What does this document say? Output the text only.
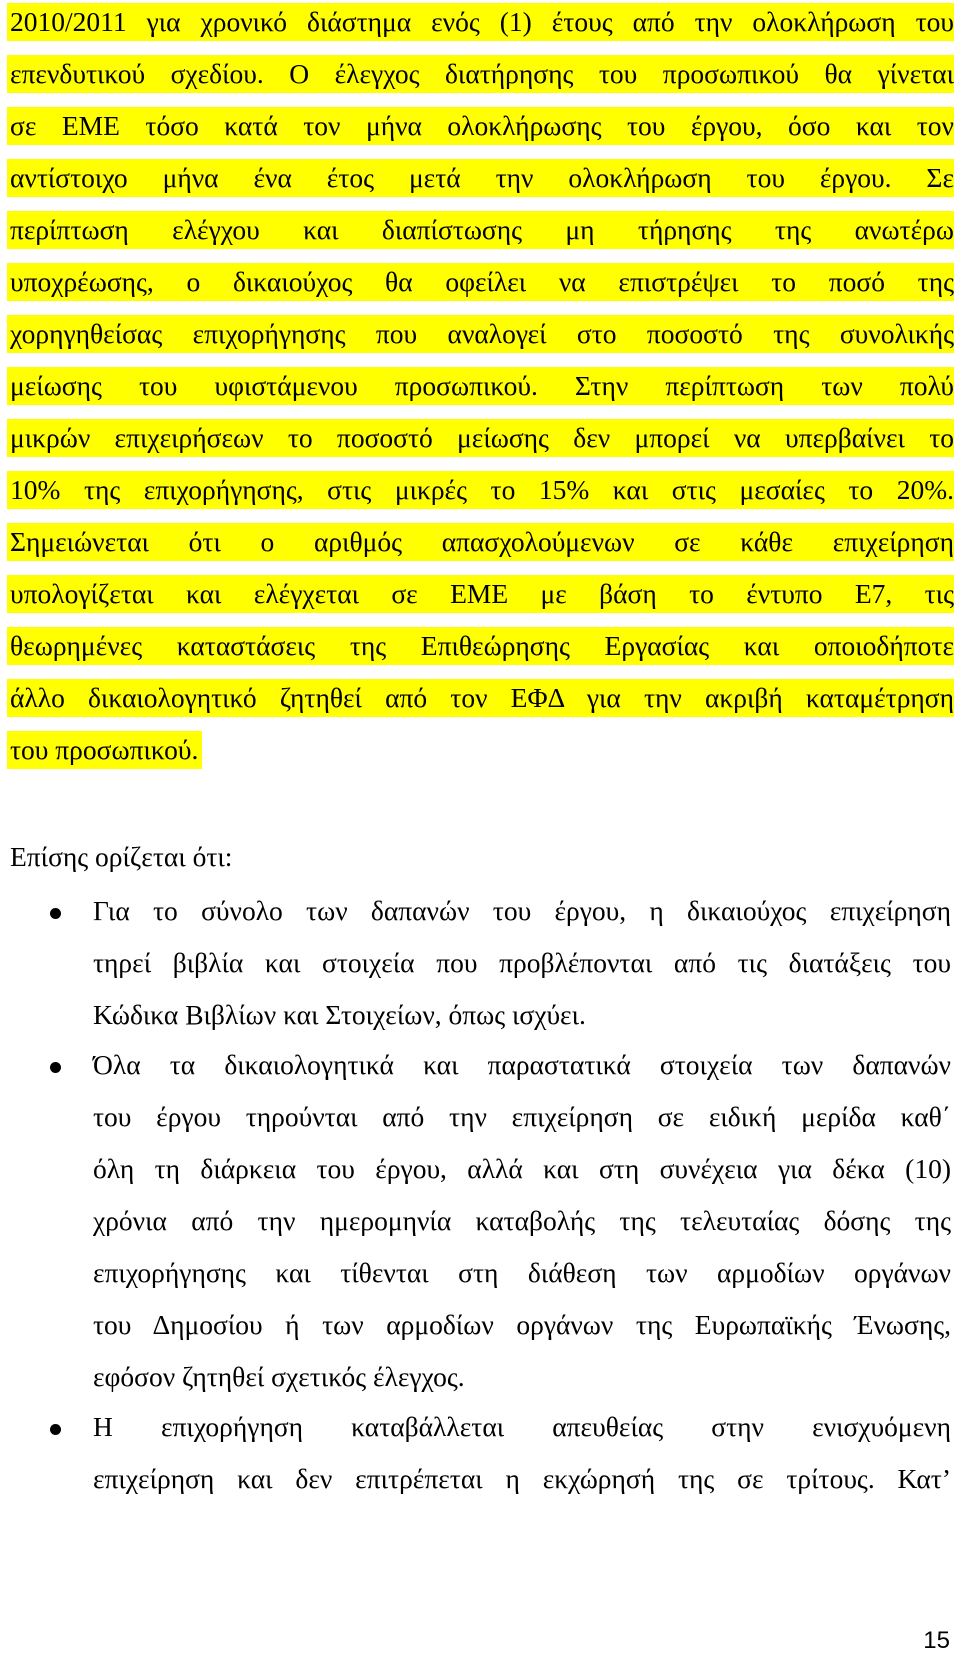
2010/2011 για χρονικό διάστημα ενός (1) έτους από την ολοκλήρωση του
επενδυτικού σχεδίου. Ο έλεγχος διατήρησης του προσωπικού θα γίνεται
σε ΕΜΕ τόσο κατά τον μήνα ολοκλήρωσης του έργου, όσο και τον
αντίστοιχο μήνα ένα έτος μετά την ολοκλήρωση του έργου. Σε
περίπτωση ελέγχου και διαπίστωσης μη τήρησης της ανωτέρω
υποχρέωσης, ο δικαιούχος θα οφείλει να επιστρέψει το ποσό της
χορηγηθείσας επιχορήγησης που αναλογεί στο ποσοστό της συνολικής
μείωσης του υφιστάμενου προσωπικού. Στην περίπτωση των πολύ
μικρών επιχειρήσεων το ποσοστό μείωσης δεν μπορεί να υπερβαίνει το
10% της επιχορήγησης, στις μικρές το 15% και στις μεσαίες το 20%.
Σημειώνεται ότι ο αριθμός απασχολούμενων σε κάθε επιχείρηση
υπολογίζεται και ελέγχεται σε ΕΜΕ με βάση το έντυπο Ε7, τις
θεωρημένες καταστάσεις της Επιθεώρησης Εργασίας και οποιοδήποτε
άλλο δικαιολογητικό ζητηθεί από τον ΕΦΔ για την ακριβή καταμέτρηση
του προσωπικού.
Επίσης ορίζεται ότι:
Για το σύνολο των δαπανών του έργου, η δικαιούχος επιχείρηση
τηρεί βιβλία και στοιχεία που προβλέπονται από τις διατάξεις του
Κώδικα Βιβλίων και Στοιχείων, όπως ισχύει.
Όλα τα δικαιολογητικά και παραστατικά στοιχεία των δαπανών
του έργου τηρούνται από την επιχείρηση σε ειδική μερίδα καθ΄
όλη τη διάρκεια του έργου, αλλά και στη συνέχεια για δέκα (10)
χρόνια από την ημερομηνία καταβολής της τελευταίας δόσης της
επιχορήγησης και τίθενται στη διάθεση των αρμοδίων οργάνων
του Δημοσίου ή των αρμοδίων οργάνων της Ευρωπαϊκής Ένωσης,
εφόσον ζητηθεί σχετικός έλεγχος.
Η επιχορήγηση καταβάλλεται απευθείας στην ενισχυόμενη
επιχείρηση και δεν επιτρέπεται η εκχώρησή της σε τρίτους. Κατ’
15
